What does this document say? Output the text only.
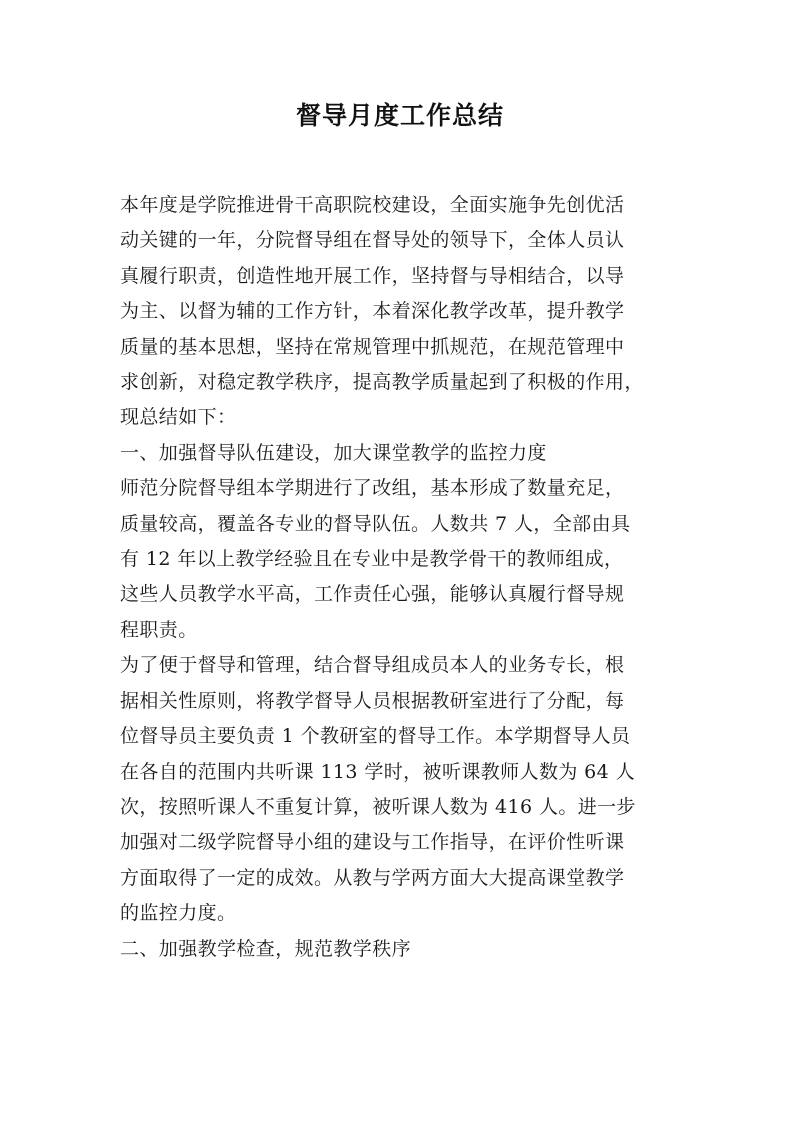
督导月度工作总结
本年度是学院推进骨干高职院校建设，全面实施争先创优活
动关键的一年，分院督导组在督导处的领导下，全体人员认
真履行职责，创造性地开展工作，坚持督与导相结合，以导
为主、以督为辅的工作方针，本着深化教学改革，提升教学
质量的基本思想，坚持在常规管理中抓规范，在规范管理中
求创新，对稳定教学秩序，提高教学质量起到了积极的作用，
现总结如下：
一、加强督导队伍建设，加大课堂教学的监控力度
师范分院督导组本学期进行了改组，基本形成了数量充足，
质量较高，覆盖各专业的督导队伍。人数共 7 人，全部由具
有 12 年以上教学经验且在专业中是教学骨干的教师组成，
这些人员教学水平高，工作责任心强，能够认真履行督导规
程职责。
为了便于督导和管理，结合督导组成员本人的业务专长，根
据相关性原则，将教学督导人员根据教研室进行了分配，每
位督导员主要负责 1 个教研室的督导工作。本学期督导人员
在各自的范围内共听课 113 学时，被听课教师人数为 64 人
次，按照听课人不重复计算，被听课人数为 416 人。进一步
加强对二级学院督导小组的建设与工作指导，在评价性听课
方面取得了一定的成效。从教与学两方面大大提高课堂教学
的监控力度。
二、加强教学检查，规范教学秩序
